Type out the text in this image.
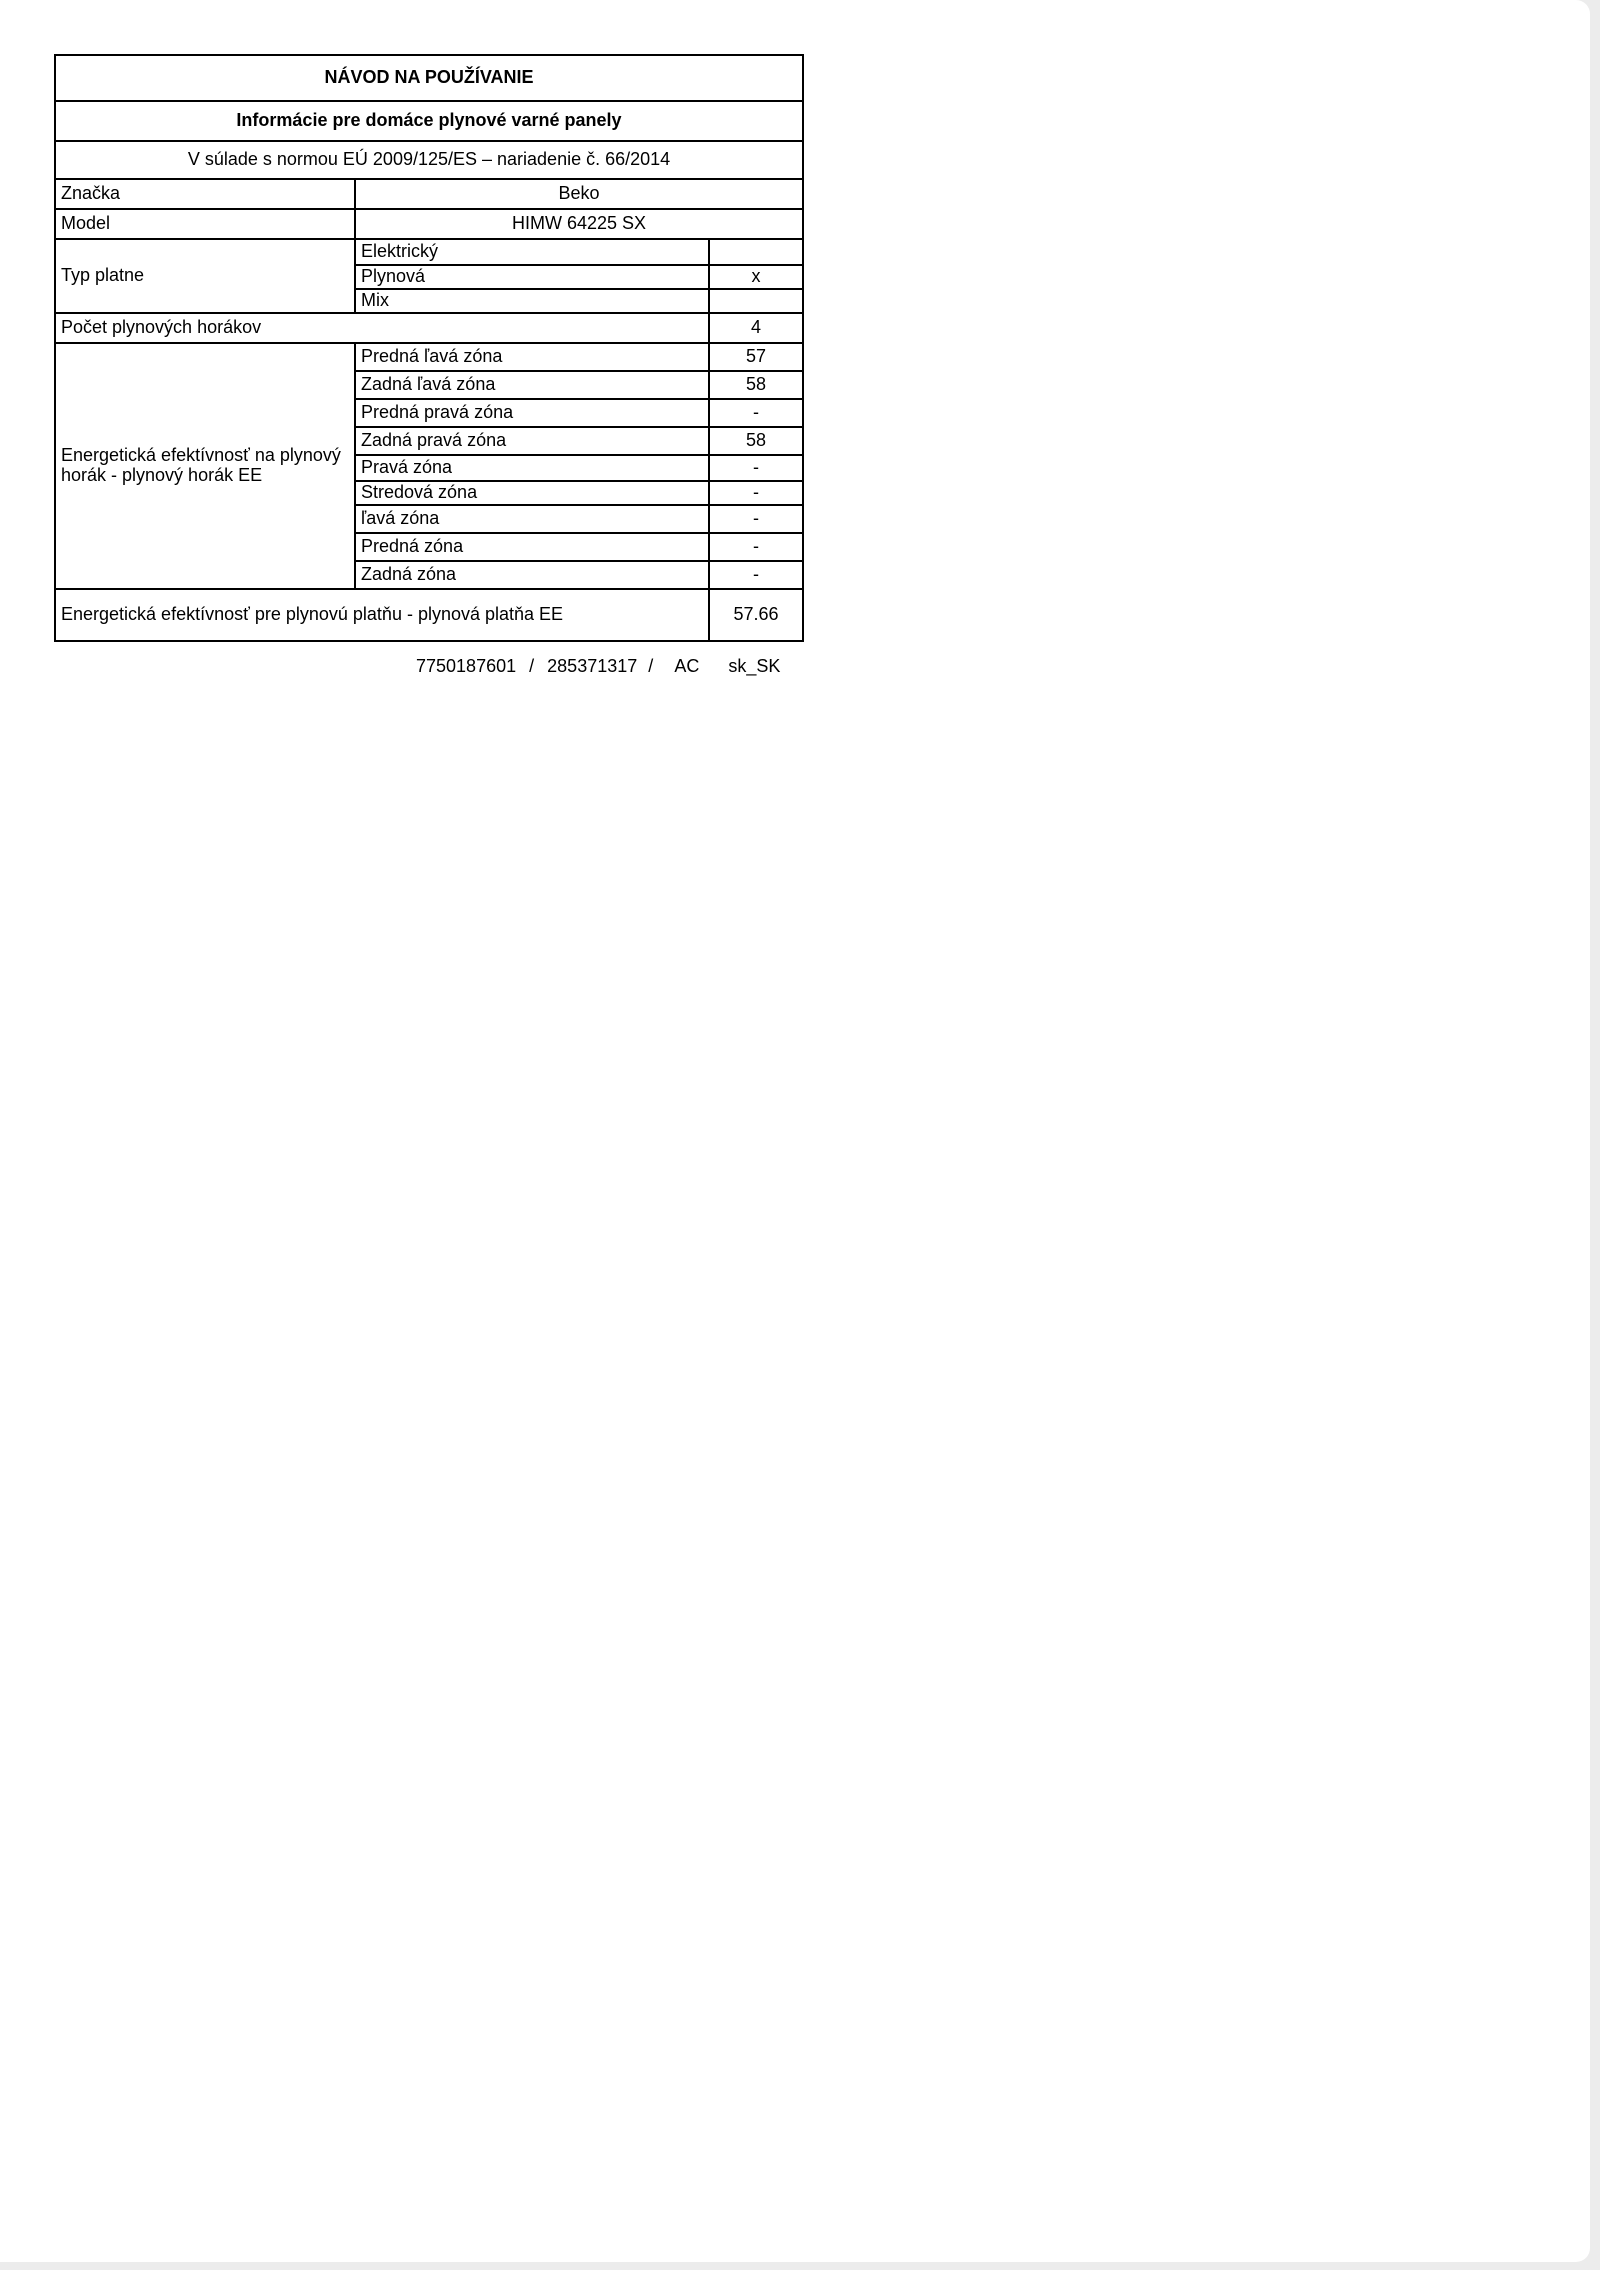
NÁVOD NA POUŽÍVANIE		
Informácie pre domáce plynové varné panely		
V súlade s normou EÚ 2009/125/ES – nariadenie č. 66/2014		
Značka	Beko	
Model	HIMW 64225 SX	
Typ platne	Elektrický	
	Plynová	x
	Mix	
Počet plynových horákov		4
Energetická efektívnosť na plynový horák - plynový horák EE	Predná ľavá zóna	57
	Zadná ľavá zóna	58
	Predná pravá zóna	-
	Zadná pravá zóna	58
	Pravá zóna	-
	Stredová zóna	-
	ľavá zóna	-
	Predná zóna	-
	Zadná zóna	-
Energetická efektívnosť pre plynovú platňu - plynová platňa EE		57.66
7750187601 / 285371317 / AC sk_SK
